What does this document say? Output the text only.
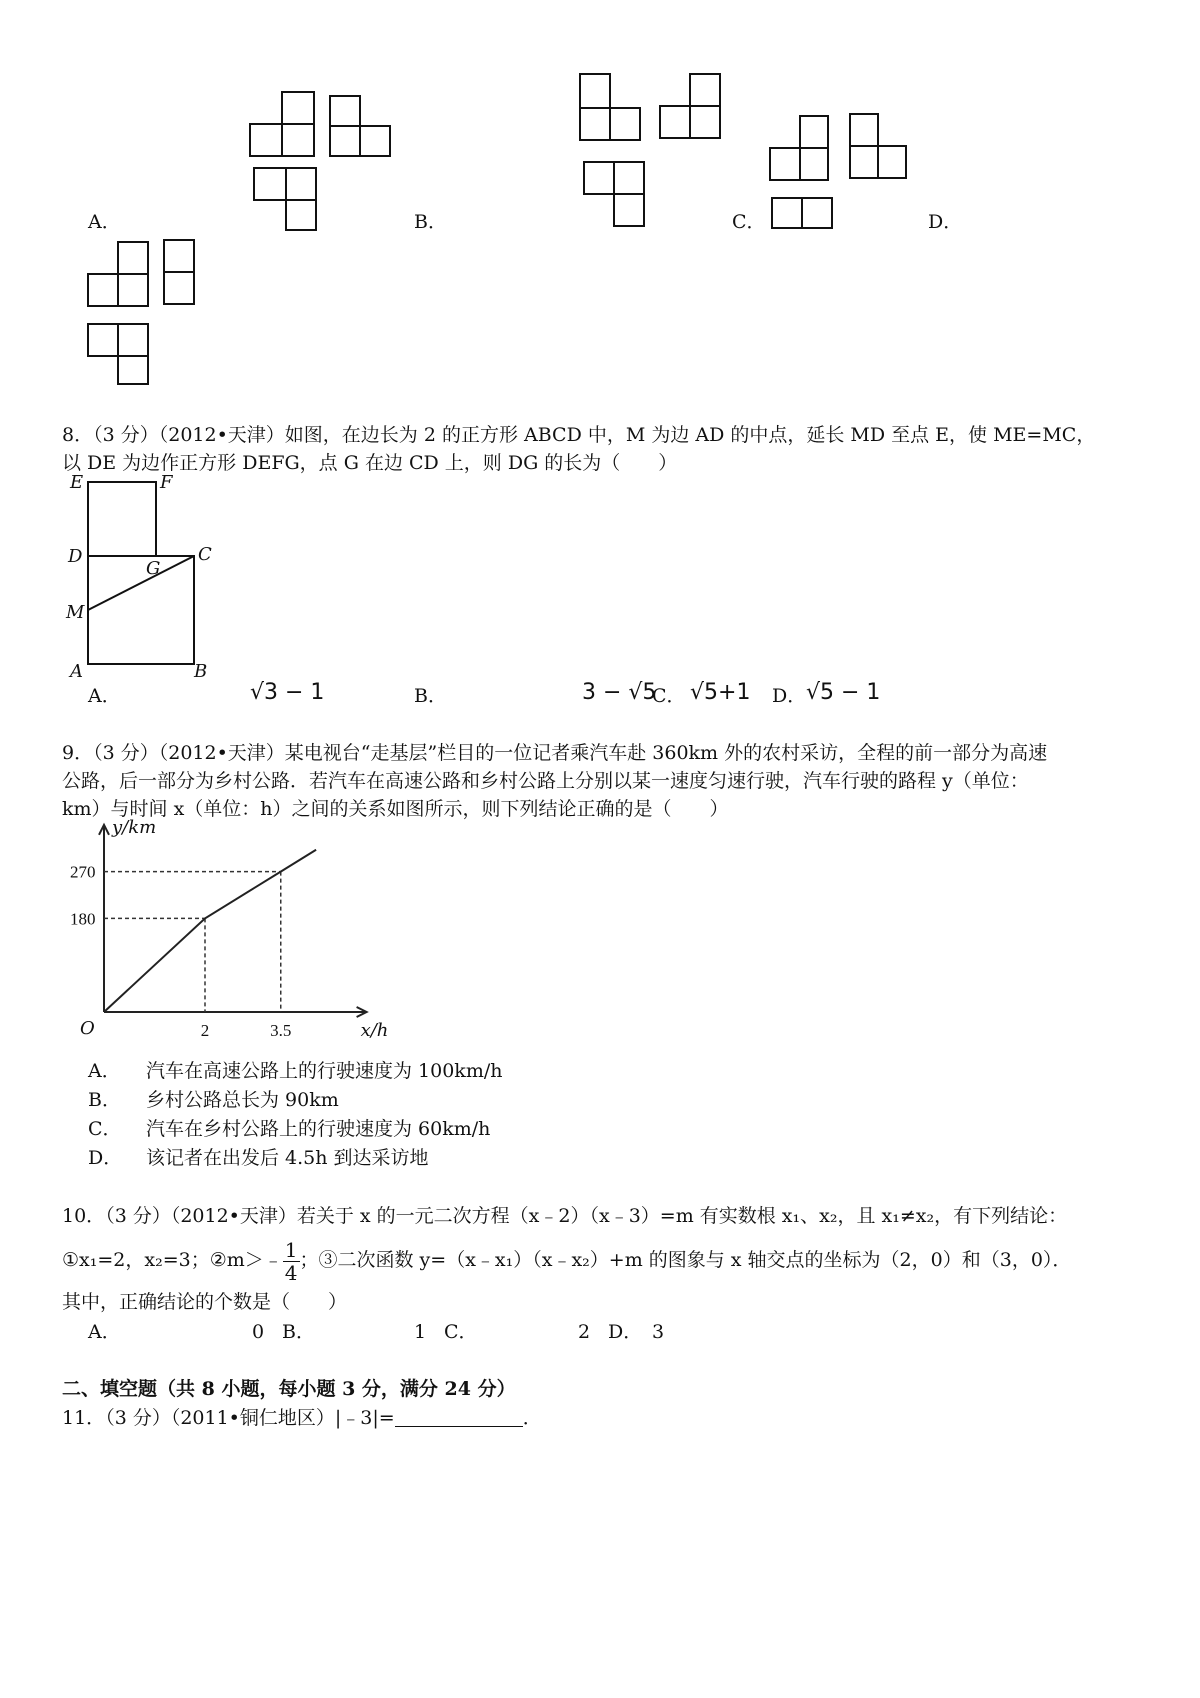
A．	B．	C．	D．
8．（3 分）（2012•天津）如图，在边长为 2 的正方形 ABCD 中，M 为边 AD 的中点，延长 MD 至点 E，使 ME=MC，
以 DE 为边作正方形 DEFG，点 G 在边 CD 上，则 DG 的长为（　　）
E	F
D
G
C
M
A	B
A．	√3 − 1	B．	3 − √5
C． √5+1 D． √5 − 1
9．（3 分）（2012•天津）某电视台“走基层”栏目的一位记者乘汽车赴 360km 外的农村采访，全程的前一部分为高速
公路，后一部分为乡村公路．若汽车在高速公路和乡村公路上分别以某一速度匀速行驶，汽车行驶的路程 y（单位：
km）与时间 x（单位：h）之间的关系如图所示，则下列结论正确的是（　　）
180
270
2	3.5
O
y/km
x/h
A． 汽车在高速公路上的行驶速度为 100km/h
B． 乡村公路总长为 90km
C． 汽车在乡村公路上的行驶速度为 60km/h
D． 该记者在出发后 4.5h 到达采访地
10．（3 分）（2012•天津）若关于 x 的一元二次方程（x﹣2）（x﹣3）=m 有实数根 x₁、x₂，且 x₁≠x₂，有下列结论：
①x₁=2，x₂=3；②m＞﹣ $\frac{1}{4}$ ；③二次函数 y=（x﹣x₁）（x﹣x₂）+m 的图象与 x 轴交点的坐标为（2，0）和（3，0）．
其中，正确结论的个数是（　　）
A．	0 B．	1 C．	2 D． 3
二、填空题（共 8 小题，每小题 3 分，满分 24 分）
11．（3 分）（2011•铜仁地区）|﹣3|=	．
